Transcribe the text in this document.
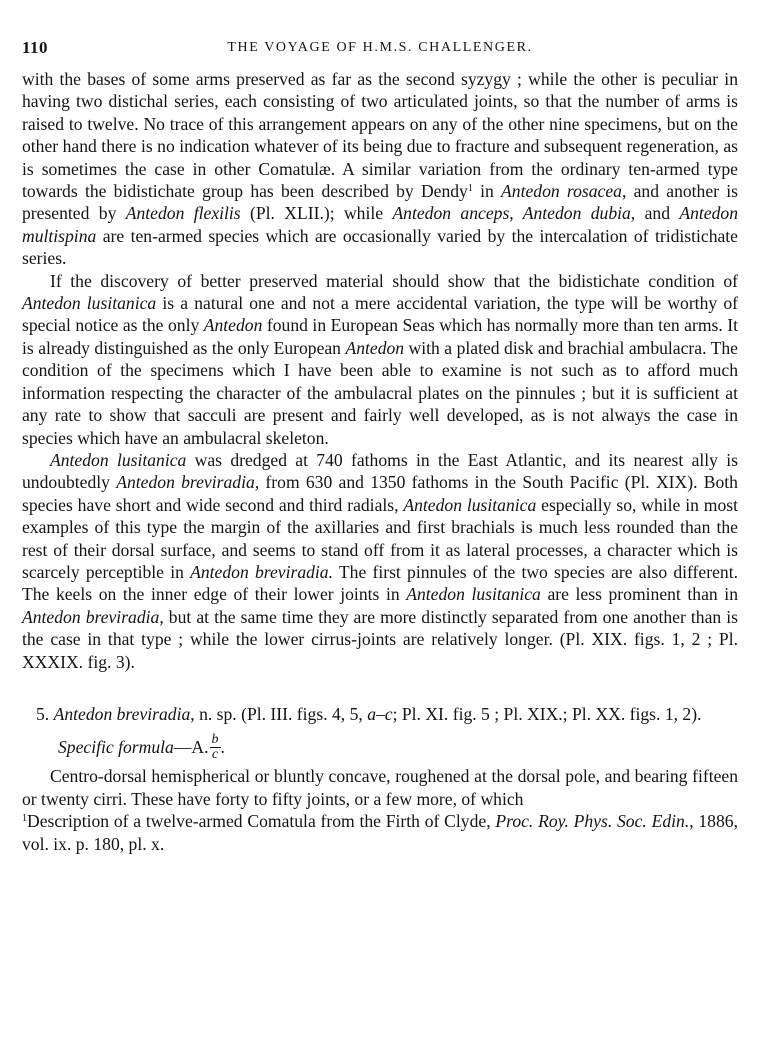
110	THE VOYAGE OF H.M.S. CHALLENGER.

with the bases of some arms preserved as far as the second syzygy ; while the other is peculiar in having two distichal series, each consisting of two articulated joints, so that the number of arms is raised to twelve. No trace of this arrangement appears on any of the other nine specimens, but on the other hand there is no indication whatever of its being due to fracture and subsequent regeneration, as is sometimes the case in other Comatulæ. A similar variation from the ordinary ten-armed type towards the bidistichate group has been described by Dendy$^1$ in Antedon rosacea, and another is presented by Antedon flexilis (Pl. XLII.); while Antedon anceps, Antedon dubia, and Antedon multispina are ten-armed species which are occasionally varied by the intercalation of tridistichate series.

If the discovery of better preserved material should show that the bidistichate condition of Antedon lusitanica is a natural one and not a mere accidental variation, the type will be worthy of special notice as the only Antedon found in European Seas which has normally more than ten arms. It is already distinguished as the only European Antedon with a plated disk and brachial ambulacra. The condition of the specimens which I have been able to examine is not such as to afford much information respecting the character of the ambulacral plates on the pinnules ; but it is sufficient at any rate to show that sacculi are present and fairly well developed, as is not always the case in species which have an ambulacral skeleton.

Antedon lusitanica was dredged at 740 fathoms in the East Atlantic, and its nearest ally is undoubtedly Antedon breviradia, from 630 and 1350 fathoms in the South Pacific (Pl. XIX). Both species have short and wide second and third radials, Antedon lusitanica especially so, while in most examples of this type the margin of the axillaries and first brachials is much less rounded than the rest of their dorsal surface, and seems to stand off from it as lateral processes, a character which is scarcely perceptible in Antedon breviradia. The first pinnules of the two species are also different. The keels on the inner edge of their lower joints in Antedon lusitanica are less prominent than in Antedon breviradia, but at the same time they are more distinctly separated from one another than is the case in that type ; while the lower cirrus-joints are relatively longer. (Pl. XIX. figs. 1, 2 ; Pl. XXXIX. fig. 3).

5. Antedon breviradia, n. sp. (Pl. III. figs. 4, 5, a–c; Pl. XI. fig. 5 ; Pl. XIX.; Pl. XX. figs. 1, 2).

Specific formula —A. $\frac{b}{c}$ .

Centro-dorsal hemispherical or bluntly concave, roughened at the dorsal pole, and bearing fifteen or twenty cirri. These have forty to fifty joints, or a few more, of which

$^1$Description of a twelve-armed Comatula from the Firth of Clyde, Proc. Roy. Phys. Soc. Edin., 1886, vol. ix. p. 180, pl. x.
